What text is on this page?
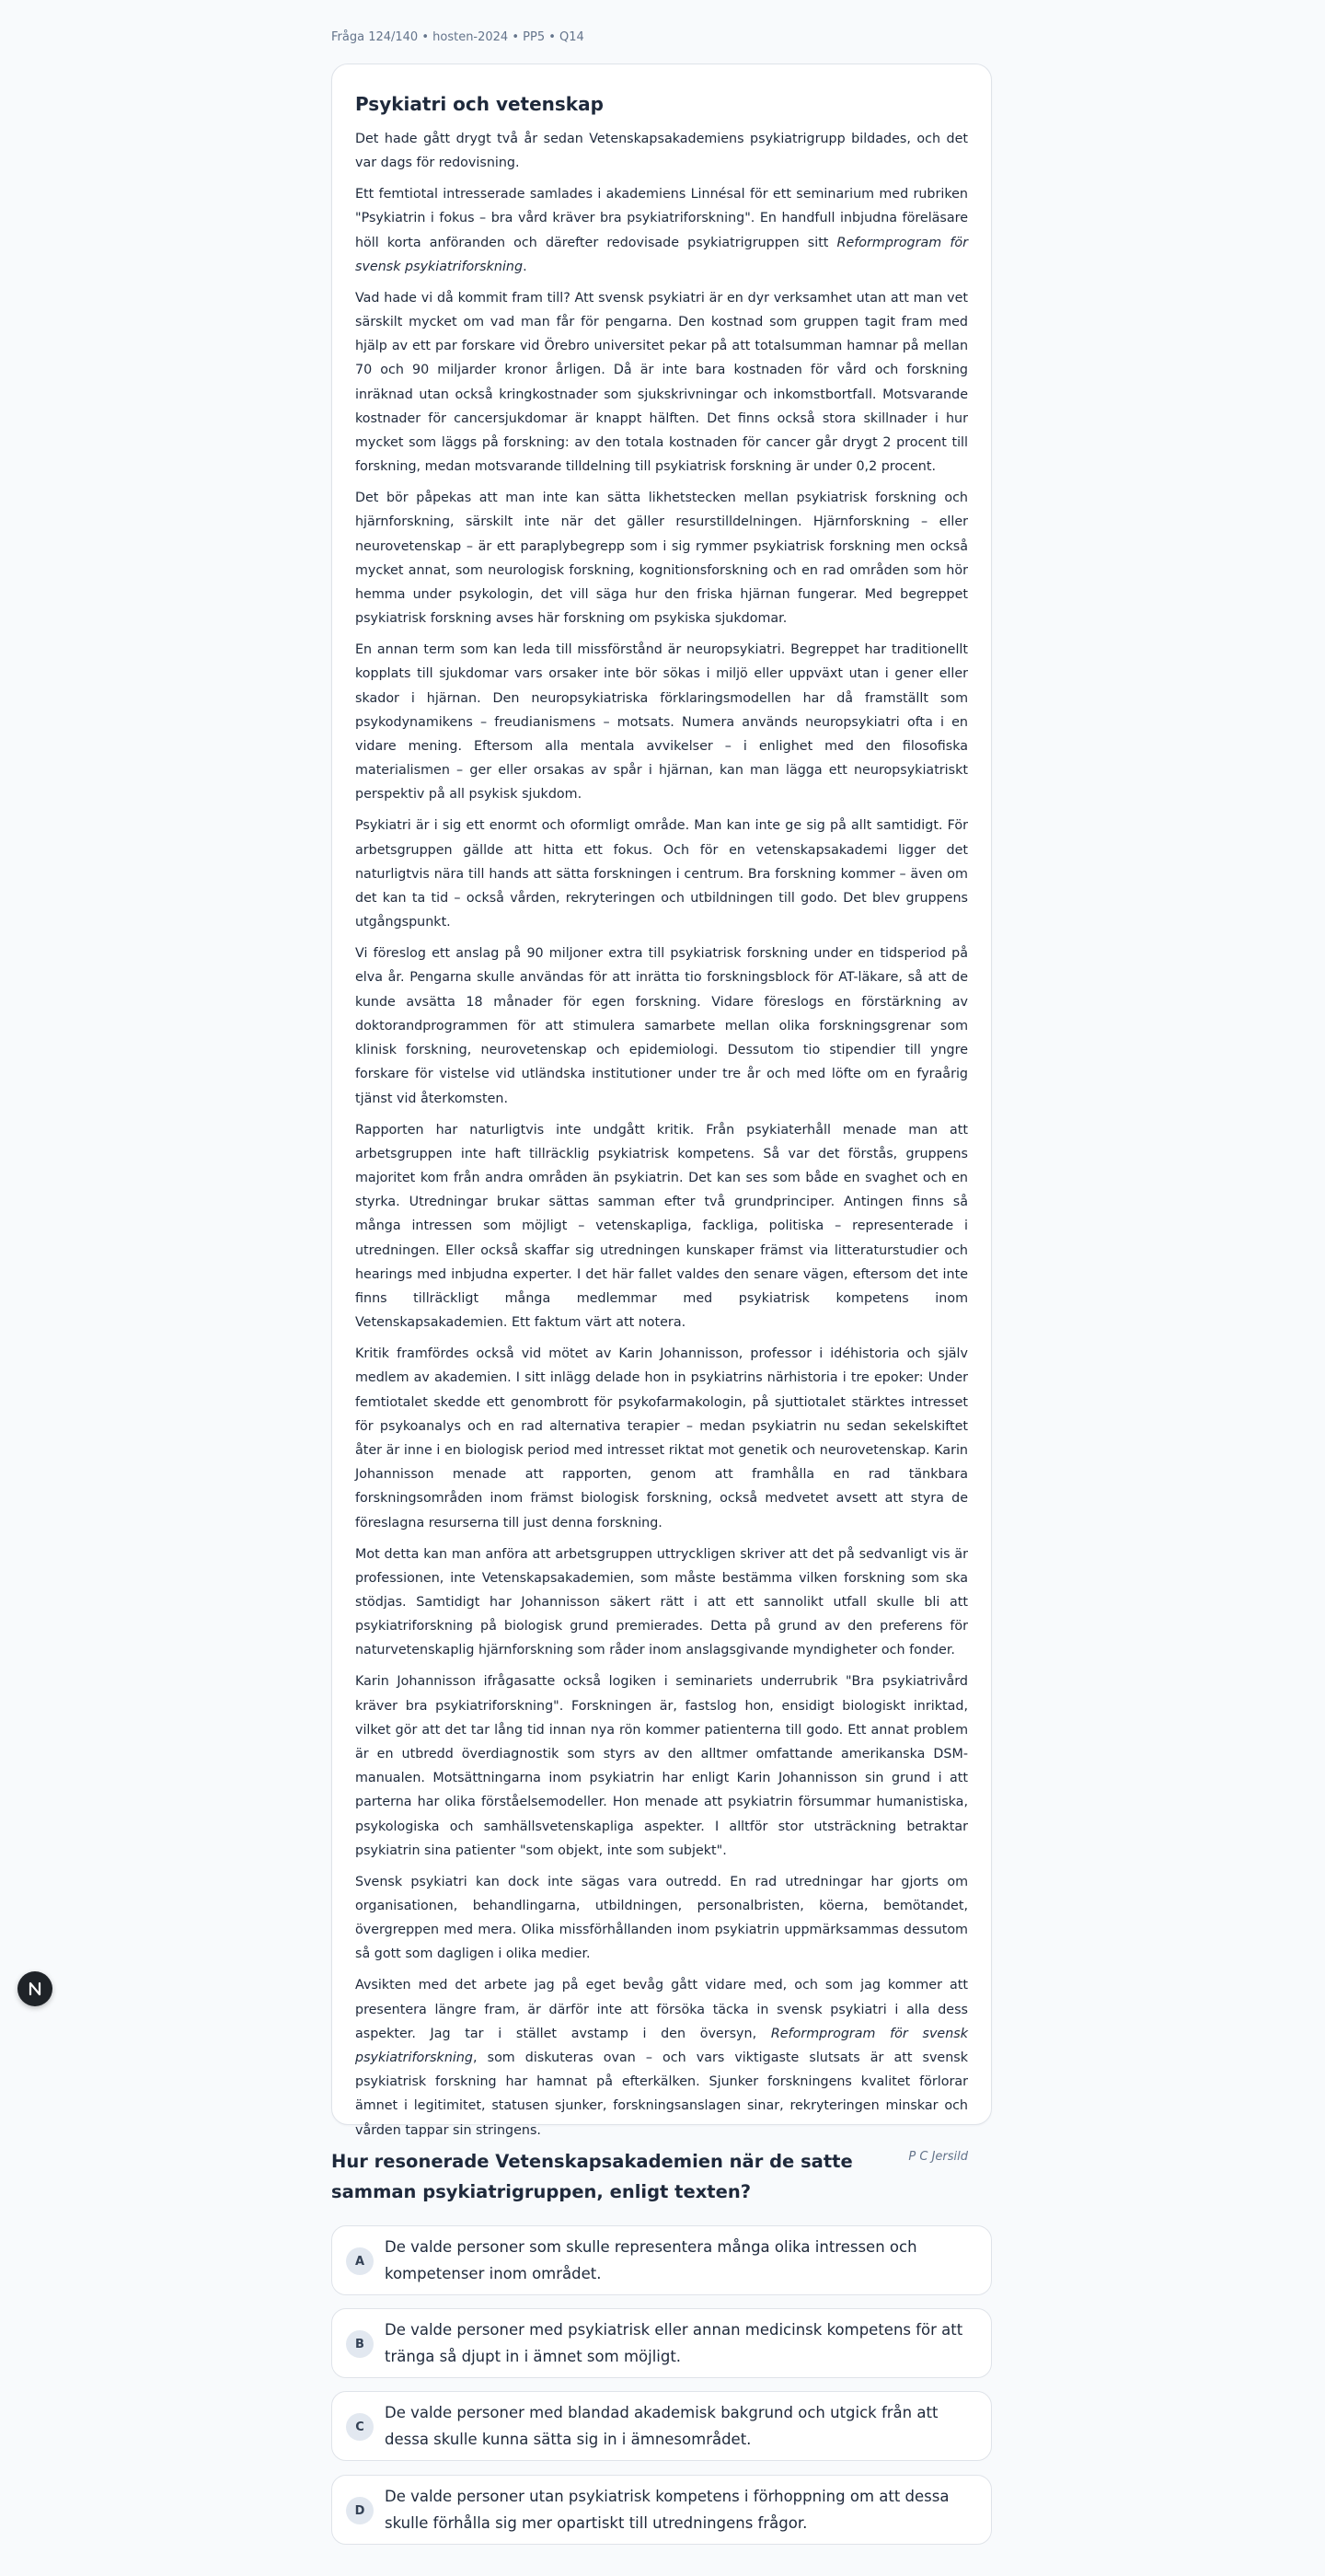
Fråga 124/140 • hosten-2024 • PP5 • Q14
Psykiatri och vetenskap

Det hade gått drygt två år sedan Vetenskapsakademiens psykiatrigrupp bildades, och det var dags för redovisning.

Ett femtiotal intresserade samlades i akademiens Linnésal för ett seminarium med rubriken "Psykiatrin i fokus – bra vård kräver bra psykiatriforskning". En handfull inbjudna föreläsare höll korta anföranden och därefter redovisade psykiatrigruppen sitt Reformprogram för svensk psykiatriforskning.

Vad hade vi då kommit fram till? Att svensk psykiatri är en dyr verksamhet utan att man vet särskilt mycket om vad man får för pengarna. Den kostnad som gruppen tagit fram med hjälp av ett par forskare vid Örebro universitet pekar på att totalsumman hamnar på mellan 70 och 90 miljarder kronor årligen. Då är inte bara kostnaden för vård och forskning inräknad utan också kringkostnader som sjukskrivningar och inkomstbortfall. Motsvarande kostnader för cancersjukdomar är knappt hälften. Det finns också stora skillnader i hur mycket som läggs på forskning: av den totala kostnaden för cancer går drygt 2 procent till forskning, medan motsvarande tilldelning till psykiatrisk forskning är under 0,2 procent.

Det bör påpekas att man inte kan sätta likhetstecken mellan psykiatrisk forskning och hjärnforskning, särskilt inte när det gäller resurstilldelningen. Hjärnforskning – eller neurovetenskap – är ett paraplybegrepp som i sig rymmer psykiatrisk forskning men också mycket annat, som neurologisk forskning, kognitionsforskning och en rad områden som hör hemma under psykologin, det vill säga hur den friska hjärnan fungerar. Med begreppet psykiatrisk forskning avses här forskning om psykiska sjukdomar.

En annan term som kan leda till missförstånd är neuropsykiatri. Begreppet har traditionellt kopplats till sjukdomar vars orsaker inte bör sökas i miljö eller uppväxt utan i gener eller skador i hjärnan. Den neuropsykiatriska förklaringsmodellen har då framställt som psykodynamikens – freudianismens – motsats. Numera används neuropsykiatri ofta i en vidare mening. Eftersom alla mentala avvikelser – i enlighet med den filosofiska materialismen – ger eller orsakas av spår i hjärnan, kan man lägga ett neuropsykiatriskt perspektiv på all psykisk sjukdom.

Psykiatri är i sig ett enormt och oformligt område. Man kan inte ge sig på allt samtidigt. För arbetsgruppen gällde att hitta ett fokus. Och för en vetenskapsakademi ligger det naturligtvis nära till hands att sätta forskningen i centrum. Bra forskning kommer – även om det kan ta tid – också vården, rekryteringen och utbildningen till godo. Det blev gruppens utgångspunkt.

Vi föreslog ett anslag på 90 miljoner extra till psykiatrisk forskning under en tidsperiod på elva år. Pengarna skulle användas för att inrätta tio forskningsblock för AT-läkare, så att de kunde avsätta 18 månader för egen forskning. Vidare föreslogs en förstärkning av doktorandprogrammen för att stimulera samarbete mellan olika forskningsgrenar som klinisk forskning, neurovetenskap och epidemiologi. Dessutom tio stipendier till yngre forskare för vistelse vid utländska institutioner under tre år och med löfte om en fyraårig tjänst vid återkomsten.

Rapporten har naturligtvis inte undgått kritik. Från psykiaterhåll menade man att arbetsgruppen inte haft tillräcklig psykiatrisk kompetens. Så var det förstås, gruppens majoritet kom från andra områden än psykiatrin. Det kan ses som både en svaghet och en styrka. Utredningar brukar sättas samman efter två grundprinciper. Antingen finns så många intressen som möjligt – vetenskapliga, fackliga, politiska – representerade i utredningen. Eller också skaffar sig utredningen kunskaper främst via litteraturstudier och hearings med inbjudna experter. I det här fallet valdes den senare vägen, eftersom det inte finns tillräckligt många medlemmar med psykiatrisk kompetens inom Vetenskapsakademien. Ett faktum värt att notera.

Kritik framfördes också vid mötet av Karin Johannisson, professor i idéhistoria och själv medlem av akademien. I sitt inlägg delade hon in psykiatrins närhistoria i tre epoker: Under femtiotalet skedde ett genombrott för psykofarmakologin, på sjuttiotalet stärktes intresset för psykoanalys och en rad alternativa terapier – medan psykiatrin nu sedan sekelskiftet åter är inne i en biologisk period med intresset riktat mot genetik och neurovetenskap. Karin Johannisson menade att rapporten, genom att framhålla en rad tänkbara forskningsområden inom främst biologisk forskning, också medvetet avsett att styra de föreslagna resurserna till just denna forskning.

Mot detta kan man anföra att arbetsgruppen uttryckligen skriver att det på sedvanligt vis är professionen, inte Vetenskapsakademien, som måste bestämma vilken forskning som ska stödjas. Samtidigt har Johannisson säkert rätt i att ett sannolikt utfall skulle bli att psykiatriforskning på biologisk grund premierades. Detta på grund av den preferens för naturvetenskaplig hjärnforskning som råder inom anslagsgivande myndigheter och fonder.

Karin Johannisson ifrågasatte också logiken i seminariets underrubrik "Bra psykiatrivård kräver bra psykiatriforskning". Forskningen är, fastslog hon, ensidigt biologiskt inriktad, vilket gör att det tar lång tid innan nya rön kommer patienterna till godo. Ett annat problem är en utbredd överdiagnostik som styrs av den alltmer omfattande amerikanska DSM-manualen. Motsättningarna inom psykiatrin har enligt Karin Johannisson sin grund i att parterna har olika förståelsemodeller. Hon menade att psykiatrin försummar humanistiska, psykologiska och samhällsvetenskapliga aspekter. I alltför stor utsträckning betraktar psykiatrin sina patienter "som objekt, inte som subjekt".

Svensk psykiatri kan dock inte sägas vara outredd. En rad utredningar har gjorts om organisationen, behandlingarna, utbildningen, personalbristen, köerna, bemötandet, övergreppen med mera. Olika missförhållanden inom psykiatrin uppmärksammas dessutom så gott som dagligen i olika medier.

Avsikten med det arbete jag på eget bevåg gått vidare med, och som jag kommer att presentera längre fram, är därför inte att försöka täcka in svensk psykiatri i alla dess aspekter. Jag tar i stället avstamp i den översyn, Reformprogram för svensk psykiatriforskning, som diskuteras ovan – och vars viktigaste slutsats är att svensk psykiatrisk forskning har hamnat på efterkälken. Sjunker forskningens kvalitet förlorar ämnet i legitimitet, statusen sjunker, forskningsanslagen sinar, rekryteringen minskar och vården tappar sin stringens.

P C Jersild
Hur resonerade Vetenskapsakademien när de satte samman psykiatrigruppen, enligt texten?
A
De valde personer som skulle representera många olika intressen och kompetenser inom området.
B
De valde personer med psykiatrisk eller annan medicinsk kompetens för att tränga så djupt in i ämnet som möjligt.
C
De valde personer med blandad akademisk bakgrund och utgick från att dessa skulle kunna sätta sig in i ämnesområdet.
D
De valde personer utan psykiatrisk kompetens i förhoppning om att dessa skulle förhålla sig mer opartiskt till utredningens frågor.
